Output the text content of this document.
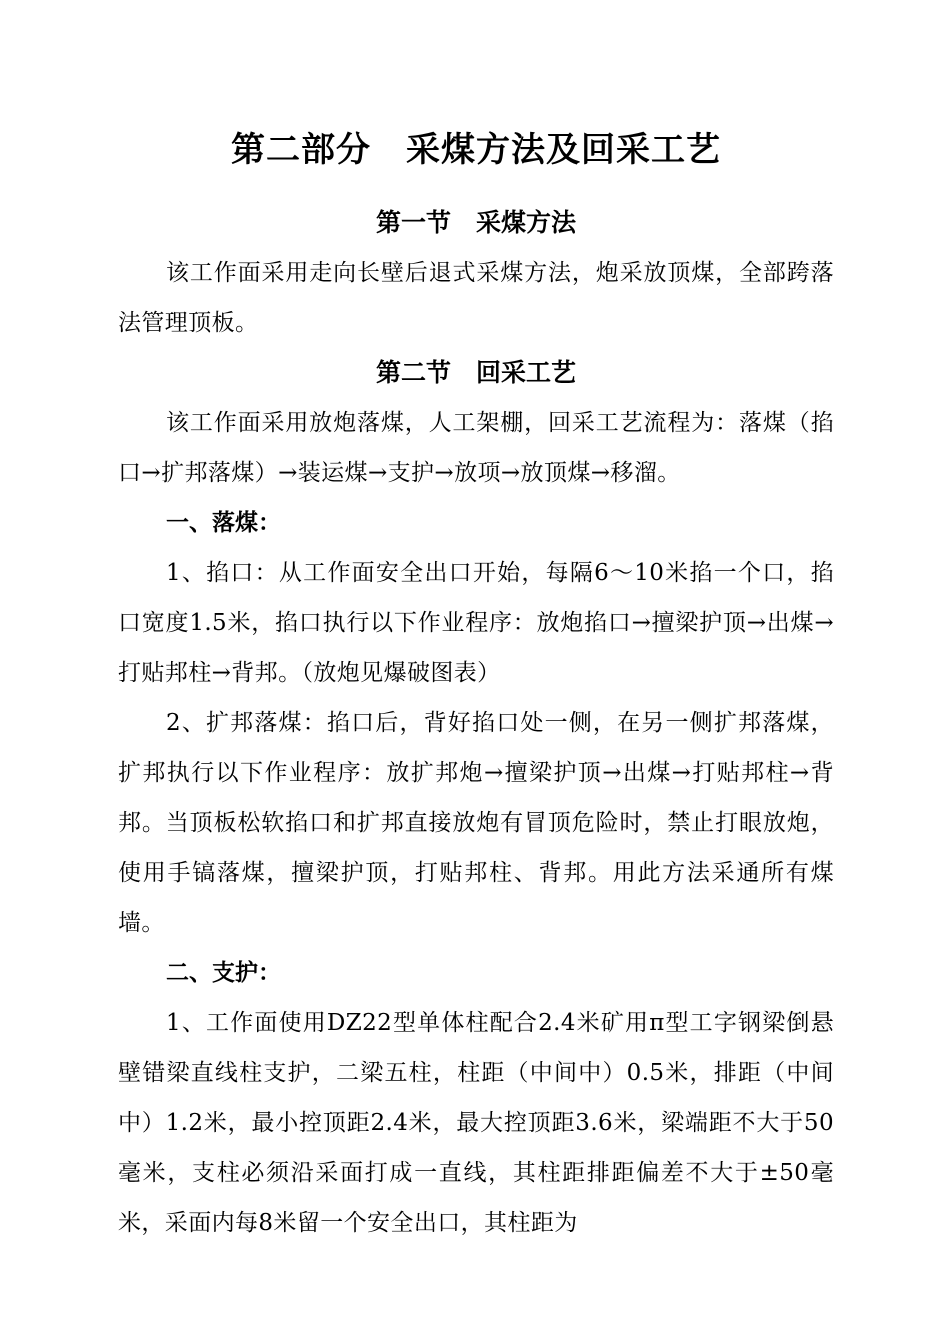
第二部分　采煤方法及回采工艺
第一节　采煤方法

该工作面采用走向长壁后退式采煤方法，炮采放顶煤，全部跨落法管理顶板。

第二节　回采工艺

该工作面采用放炮落煤，人工架棚，回采工艺流程为：落煤（掐口→扩邦落煤）→装运煤→支护→放项→放顶煤→移溜。

一、落煤：

1、掐口：从工作面安全出口开始，每隔6～10米掐一个口，掐口宽度1.5米，掐口执行以下作业程序：放炮掐口→擅梁护顶→出煤→打贴邦柱→背邦。（放炮见爆破图表）

2、扩邦落煤：掐口后，背好掐口处一侧，在另一侧扩邦落煤，扩邦执行以下作业程序：放扩邦炮→擅梁护顶→出煤→打贴邦柱→背邦。当顶板松软掐口和扩邦直接放炮有冒顶危险时，禁止打眼放炮，使用手镐落煤，擅梁护顶，打贴邦柱、背邦。用此方法采通所有煤墙。

二、支护：

1、工作面使用DZ22型单体柱配合2.4米矿用π型工字钢梁倒悬壁错梁直线柱支护，二梁五柱，柱距（中间中）0.5米，排距（中间中）1.2米，最小控顶距2.4米，最大控顶距3.6米，梁端距不大于50毫米，支柱必须沿采面打成一直线，其柱距排距偏差不大于±50毫米，采面内每8米留一个安全出口，其柱距为
